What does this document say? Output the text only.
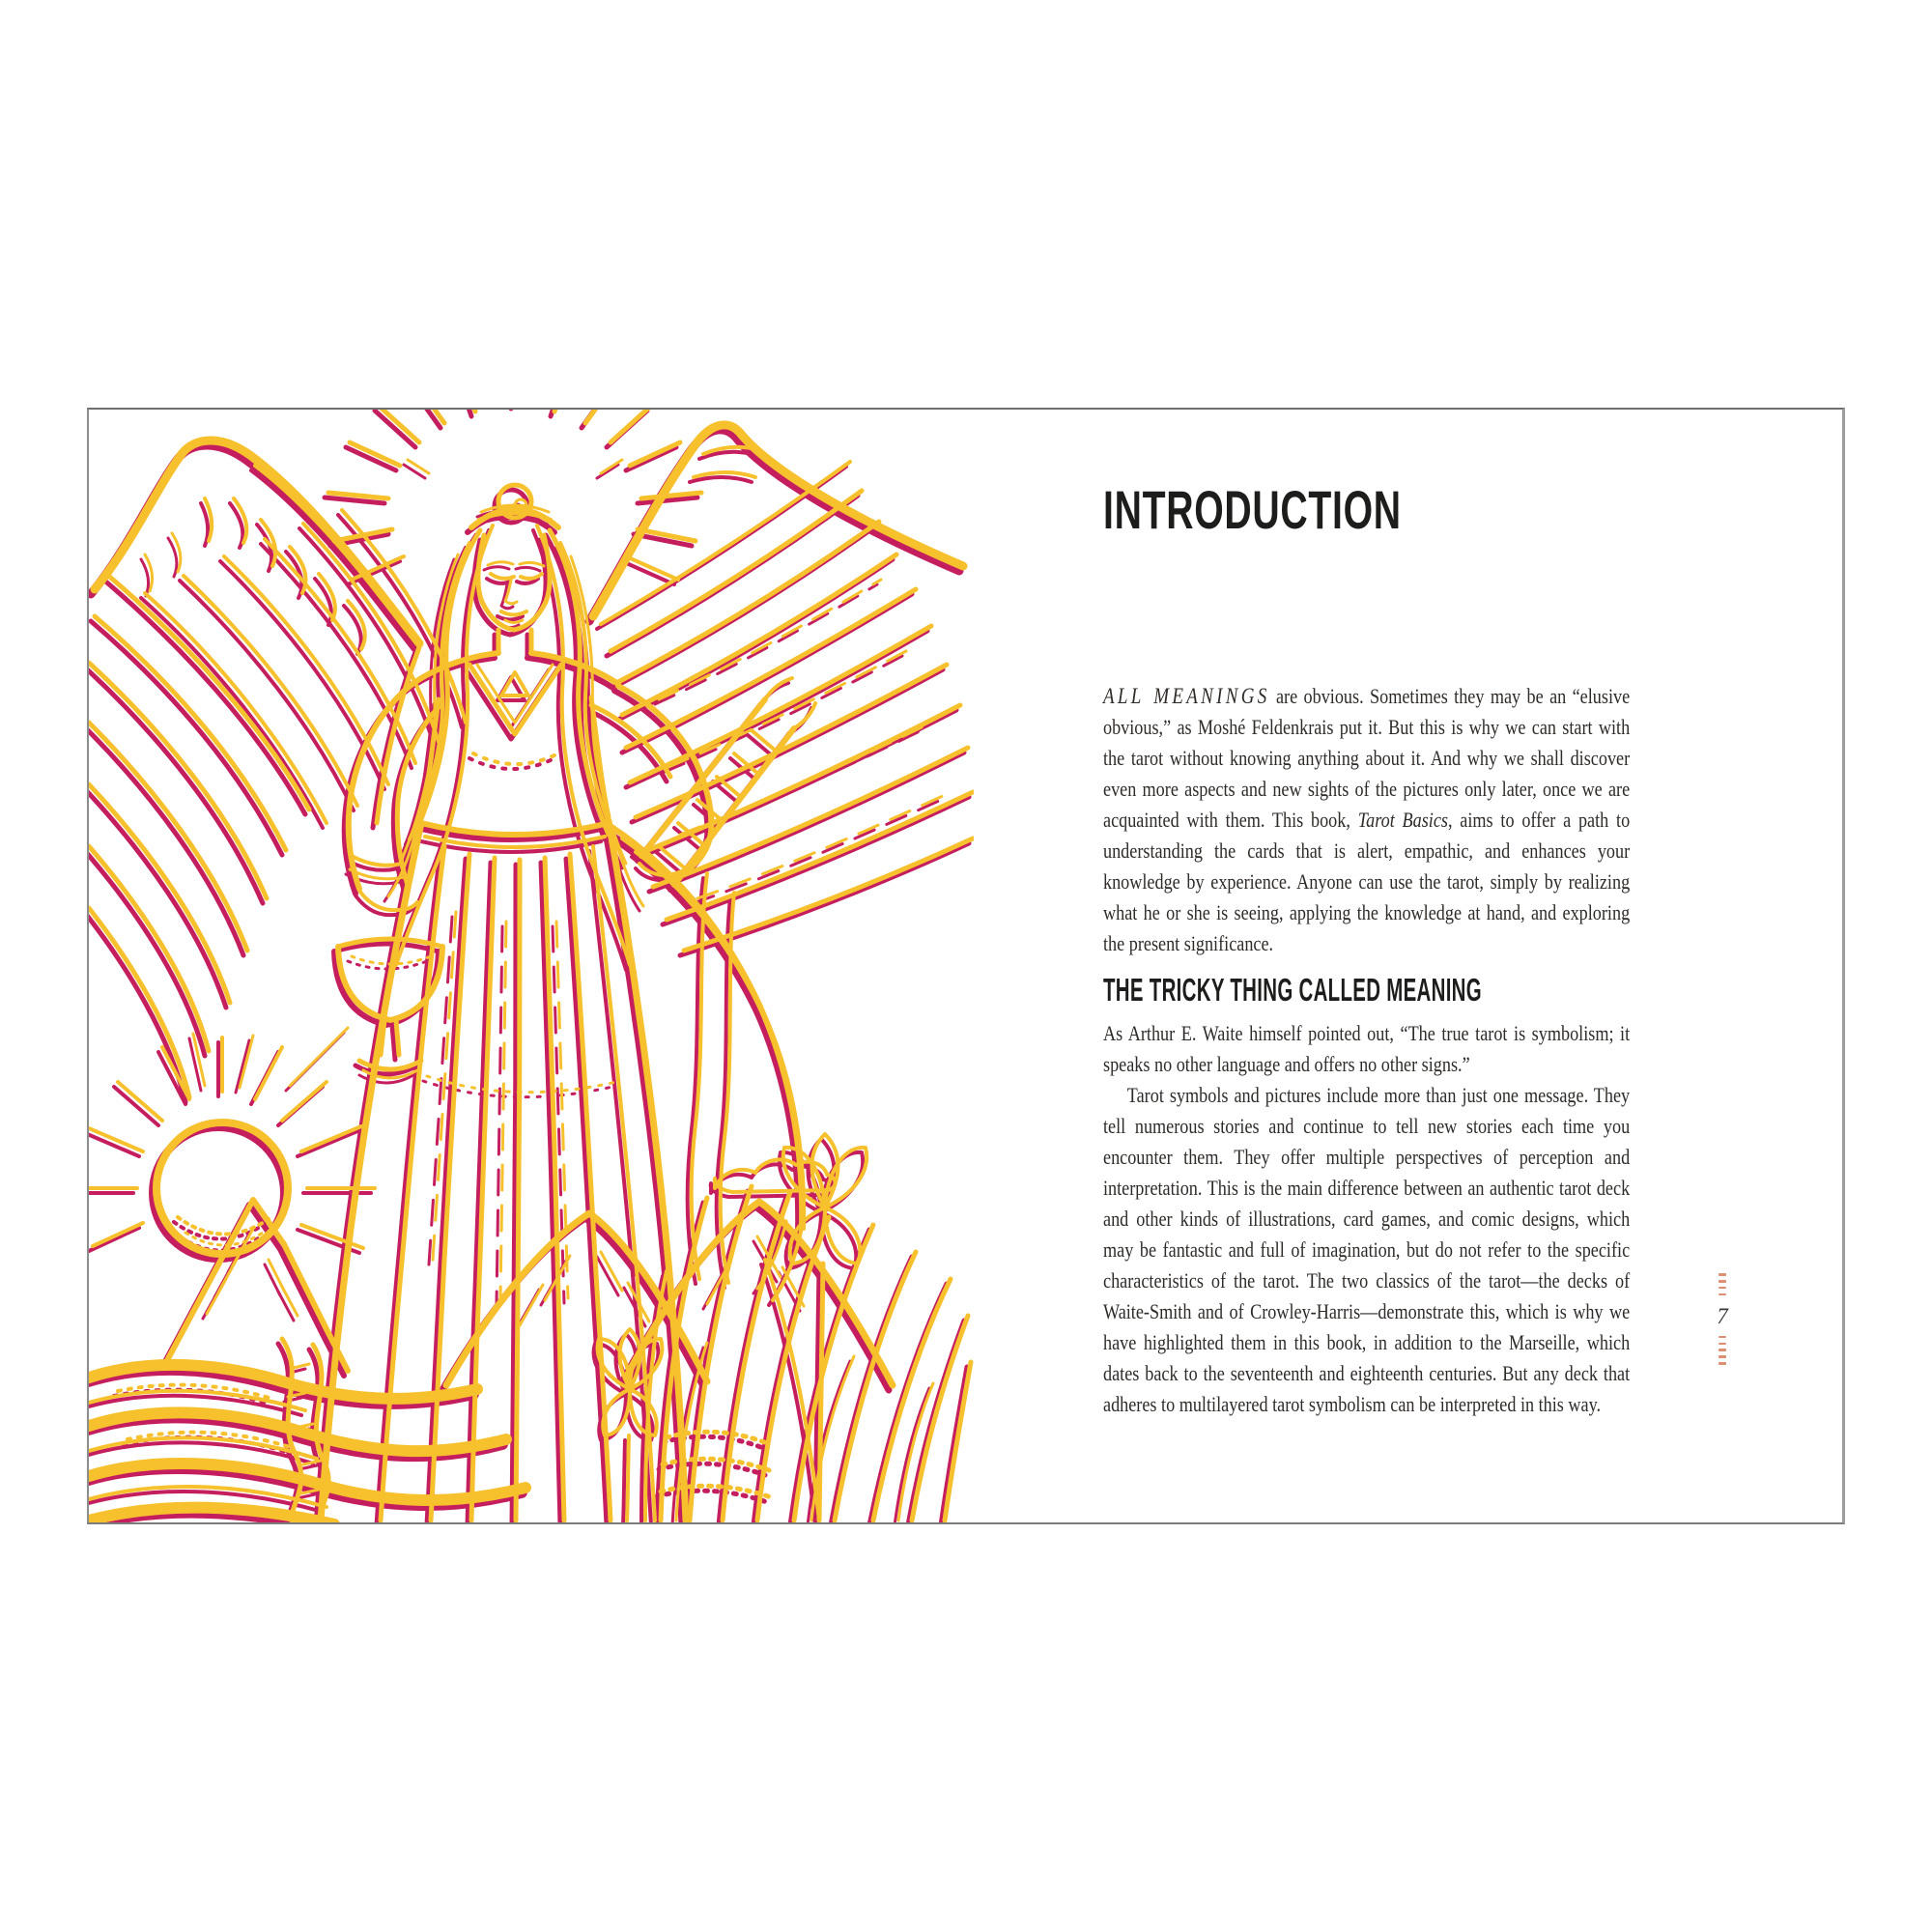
INTRODUCTION

ALL MEANINGS are obvious. Sometimes they may be an “elusive obvious,” as Moshé Feldenkrais put it. But this is why we can start with the tarot without knowing anything about it. And why we shall discover even more aspects and new sights of the pictures only later, once we are acquainted with them. This book, Tarot Basics, aims to offer a path to understanding the cards that is alert, empathic, and enhances your knowledge by experience. Anyone can use the tarot, simply by realizing what he or she is seeing, applying the knowledge at hand, and exploring the present significance.

THE TRICKY THING CALLED MEANING

As Arthur E. Waite himself pointed out, “The true tarot is symbolism; it speaks no other language and offers no other signs.”

Tarot symbols and pictures include more than just one message. They tell numerous stories and continue to tell new stories each time you encounter them. They offer multiple perspectives of perception and interpretation. This is the main difference between an authentic tarot deck and other kinds of illustrations, card games, and comic designs, which may be fantastic and full of imagination, but do not refer to the specific characteristics of the tarot. The two classics of the tarot—the decks of Waite-Smith and of Crowley-Harris—demonstrate this, which is why we have highlighted them in this book, in addition to the Marseille, which dates back to the seventeenth and eighteenth centuries. But any deck that adheres to multilayered tarot symbolism can be interpreted in this way.

7
